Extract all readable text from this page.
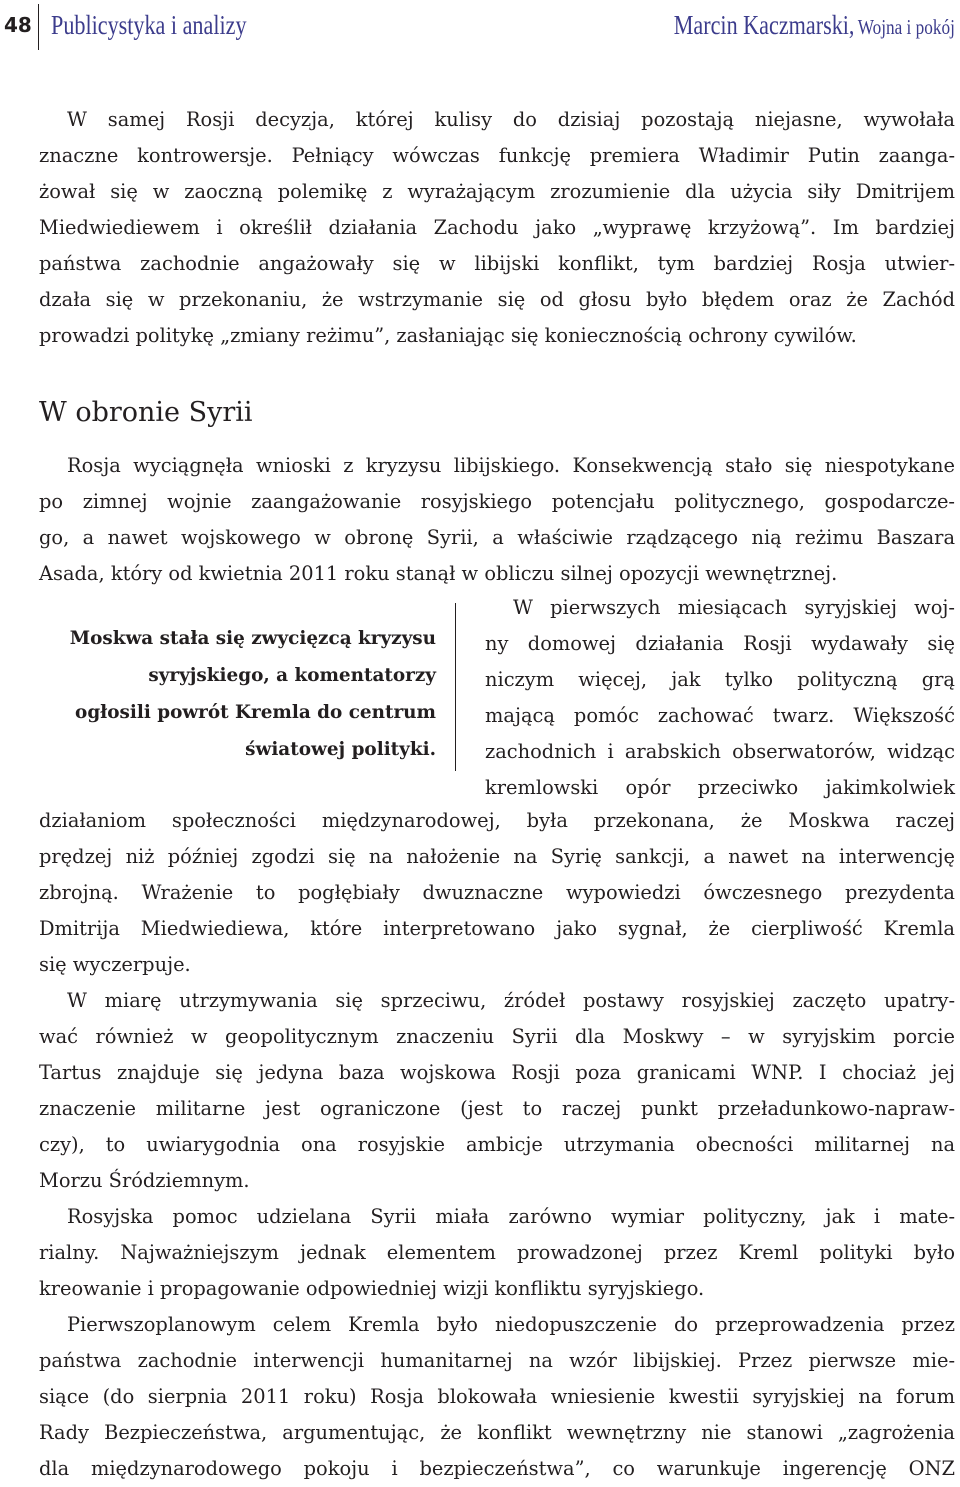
48 Publicystyka i analizy	Marcin Kaczmarski, Wojna i pokój
W samej Rosji decyzja, której kulisy do dzisiaj pozostają niejasne, wywołała
znaczne kontrowersje. Pełniący wówczas funkcję premiera Władimir Putin zaanga-
żował się w zaoczną polemikę z wyrażającym zrozumienie dla użycia siły Dmitrijem
Miedwiediewem i określił działania Zachodu jako „wyprawę krzyżową”. Im bardziej
państwa zachodnie angażowały się w libijski konflikt, tym bardziej Rosja utwier-
dzała się w przekonaniu, że wstrzymanie się od głosu było błędem oraz że Zachód
prowadzi politykę „zmiany reżimu”, zasłaniając się koniecznością ochrony cywilów.
W obronie Syrii
Rosja wyciągnęła wnioski z kryzysu libijskiego. Konsekwencją stało się niespotykane
po zimnej wojnie zaangażowanie rosyjskiego potencjału politycznego, gospodarcze-
go, a nawet wojskowego w obronę Syrii, a właściwie rządzącego nią reżimu Baszara
Asada, który od kwietnia 2011 roku stanął w obliczu silnej opozycji wewnętrznej.
Moskwa stała się zwycięzcą kryzysu
syryjskiego, a komentatorzy
ogłosili powrót Kremla do centrum
światowej polityki.
W pierwszych miesiącach syryjskiej woj-
ny domowej działania Rosji wydawały się
niczym więcej, jak tylko polityczną grą
mającą pomóc zachować twarz. Większość
zachodnich i arabskich obserwatorów, widząc
kremlowski opór przeciwko jakimkolwiek
działaniom społeczności międzynarodowej, była przekonana, że Moskwa raczej
prędzej niż później zgodzi się na nałożenie na Syrię sankcji, a nawet na interwencję
zbrojną. Wrażenie to pogłębiały dwuznaczne wypowiedzi ówczesnego prezydenta
Dmitrija Miedwiediewa, które interpretowano jako sygnał, że cierpliwość Kremla
się wyczerpuje.
W miarę utrzymywania się sprzeciwu, źródeł postawy rosyjskiej zaczęto upatry-
wać również w geopolitycznym znaczeniu Syrii dla Moskwy – w syryjskim porcie
Tartus znajduje się jedyna baza wojskowa Rosji poza granicami WNP. I chociaż jej
znaczenie militarne jest ograniczone (jest to raczej punkt przeładunkowo-napraw-
czy), to uwiarygodnia ona rosyjskie ambicje utrzymania obecności militarnej na
Morzu Śródziemnym.
Rosyjska pomoc udzielana Syrii miała zarówno wymiar polityczny, jak i mate-
rialny. Najważniejszym jednak elementem prowadzonej przez Kreml polityki było
kreowanie i propagowanie odpowiedniej wizji konfliktu syryjskiego.
Pierwszoplanowym celem Kremla było niedopuszczenie do przeprowadzenia przez
państwa zachodnie interwencji humanitarnej na wzór libijskiej. Przez pierwsze mie-
siące (do sierpnia 2011 roku) Rosja blokowała wniesienie kwestii syryjskiej na forum
Rady Bezpieczeństwa, argumentując, że konflikt wewnętrzny nie stanowi „zagrożenia
dla międzynarodowego pokoju i bezpieczeństwa”, co warunkuje ingerencję ONZ
